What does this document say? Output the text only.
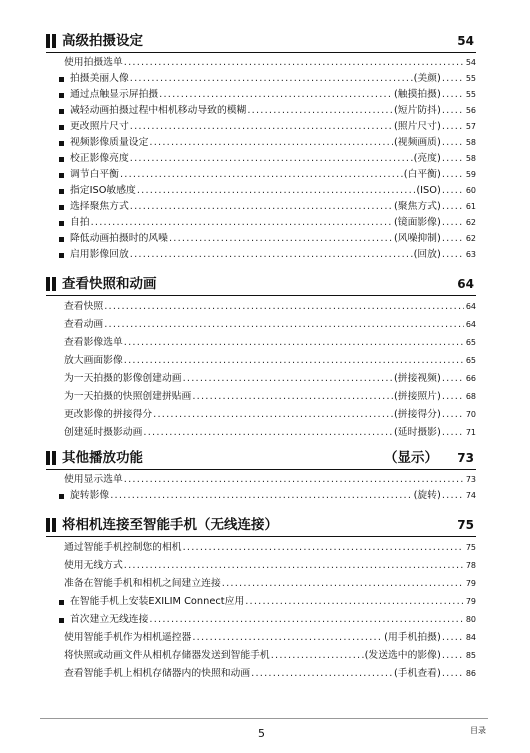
高级拍摄设定	54
使用拍摄选单 .....	54
拍摄美丽人像 .....	(美颜) .....	55
通过点触显示屏拍摄 .....	(触摸拍摄) .....	55
减轻动画拍摄过程中相机移动导致的模糊 .....	(短片防抖) .....	56
更改照片尺寸 .....	(照片尺寸) .....	57
视频影像质量设定 .....	(视频画质) .....	58
校正影像亮度 .....	(亮度) .....	58
调节白平衡 .....	(白平衡) .....	59
指定ISO敏感度 .....	(ISO) .....	60
选择聚焦方式 .....	(聚焦方式) .....	61
自拍 .....	(镜面影像) .....	62
降低动画拍摄时的风噪 .....	(风噪抑制) .....	62
启用影像回放 .....	(回放) .....	63
查看快照和动画	64
查看快照 .....	64
查看动画 .....	64
查看影像选单 .....	65
放大画面影像 .....	65
为一天拍摄的影像创建动画 .....	(拼接视频) .....	66
为一天拍摄的快照创建拼贴画 .....	(拼接照片) .....	68
更改影像的拼接得分 .....	(拼接得分) .....	70
创建延时摄影动画 .....	(延时摄影) .....	71
其他播放功能	（显示） 73
使用显示选单 .....	73
旋转影像 .....	(旋转) .....	74
将相机连接至智能手机（无线连接）	75
通过智能手机控制您的相机 .....	75
使用无线方式 .....	78
准备在智能手机和相机之间建立连接 .....	79
在智能手机上安装EXILIM Connect应用 .....	79
首次建立无线连接 .....	80
使用智能手机作为相机遥控器 .....	(用手机拍摄) .....	84
将快照或动画文件从相机存储器发送到智能手机 .....	(发送选中的影像) .....	85
查看智能手机上相机存储器内的快照和动画 .....	(手机查看) .....	86
5	目录
